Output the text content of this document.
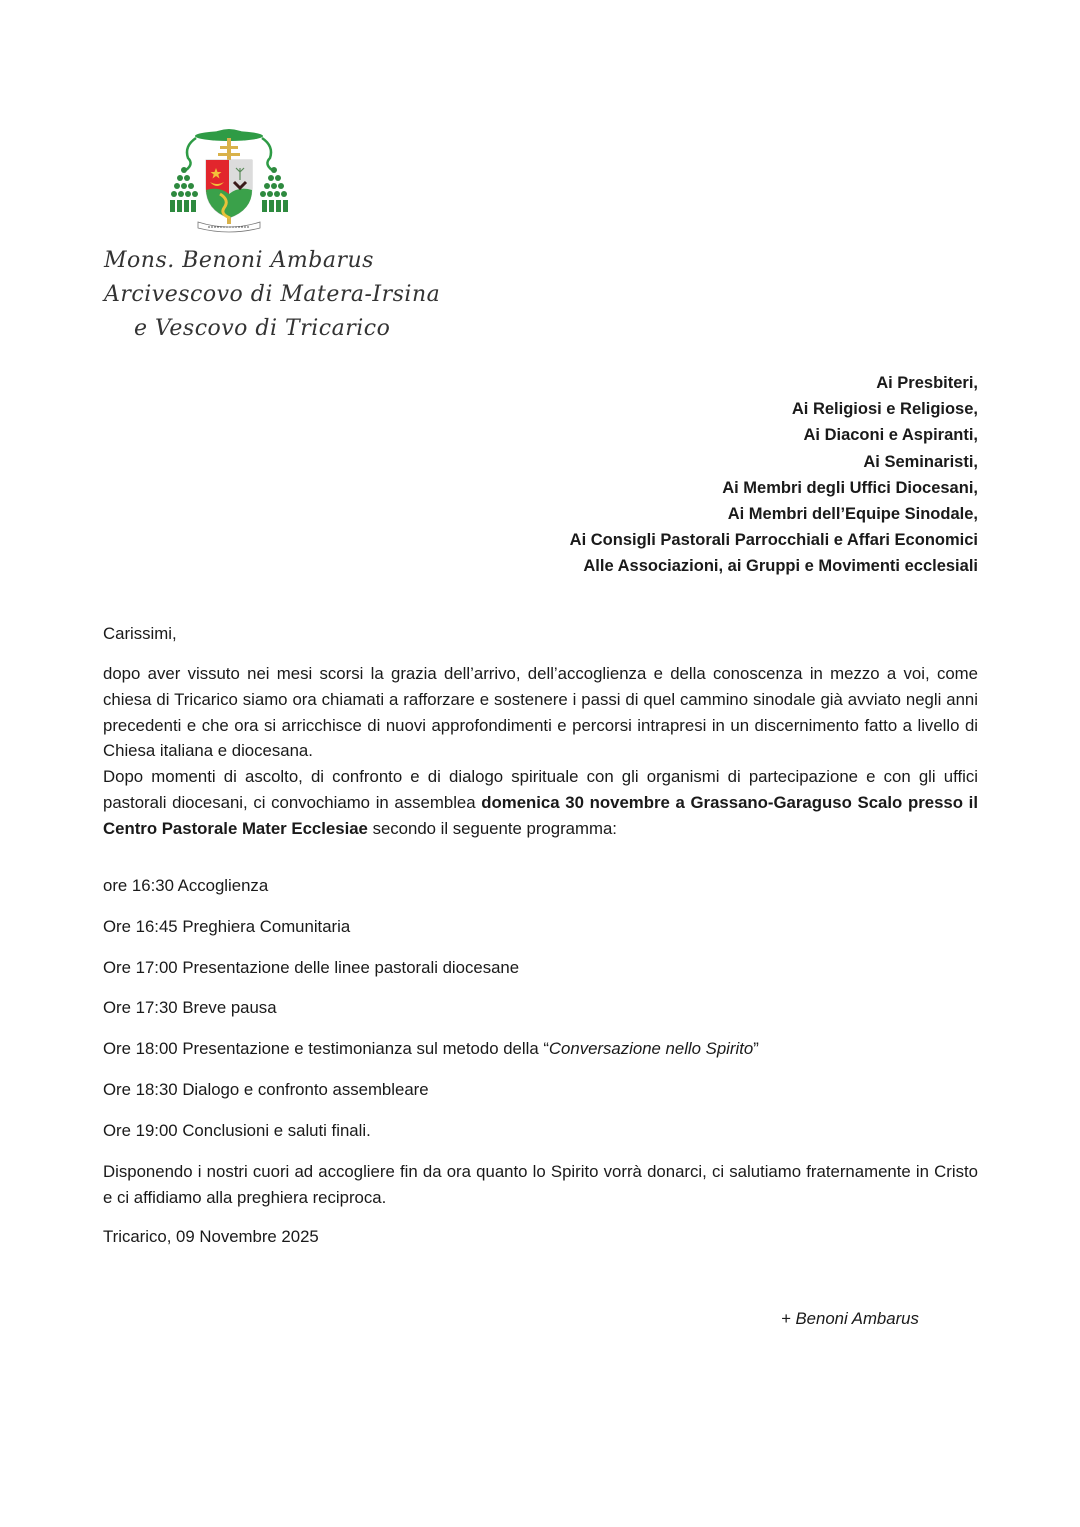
Mons. Benoni Ambarus
Arcivescovo di Matera-Irsina
e Vescovo di Tricarico
Ai Presbiteri,
Ai Religiosi e Religiose,
Ai Diaconi e Aspiranti,
Ai Seminaristi,
Ai Membri degli Uffici Diocesani,
Ai Membri dell’Equipe Sinodale,
Ai Consigli Pastorali Parrocchiali e Affari Economici
Alle Associazioni, ai Gruppi e Movimenti ecclesiali
Carissimi,
dopo aver vissuto nei mesi scorsi la grazia dell’arrivo, dell’accoglienza e della conoscenza in mezzo a voi, come chiesa di Tricarico siamo ora chiamati a rafforzare e sostenere i passi di quel cammino sinodale già avviato negli anni precedenti e che ora si arricchisce di nuovi approfondimenti e percorsi intrapresi in un discernimento fatto a livello di Chiesa italiana e diocesana.
Dopo momenti di ascolto, di confronto e di dialogo spirituale con gli organismi di partecipazione e con gli uffici pastorali diocesani, ci convochiamo in assemblea domenica 30 novembre a Grassano-Garaguso Scalo presso il Centro Pastorale Mater Ecclesiae secondo il seguente programma:
ore 16:30 Accoglienza
Ore 16:45 Preghiera Comunitaria
Ore 17:00 Presentazione delle linee pastorali diocesane
Ore 17:30 Breve pausa
Ore 18:00 Presentazione e testimonianza sul metodo della “Conversazione nello Spirito”
Ore 18:30 Dialogo e confronto assembleare
Ore 19:00 Conclusioni e saluti finali.
Disponendo i nostri cuori ad accogliere fin da ora quanto lo Spirito vorrà donarci, ci salutiamo fraternamente in Cristo e ci affidiamo alla preghiera reciproca.
Tricarico, 09 Novembre 2025
+ Benoni Ambarus
